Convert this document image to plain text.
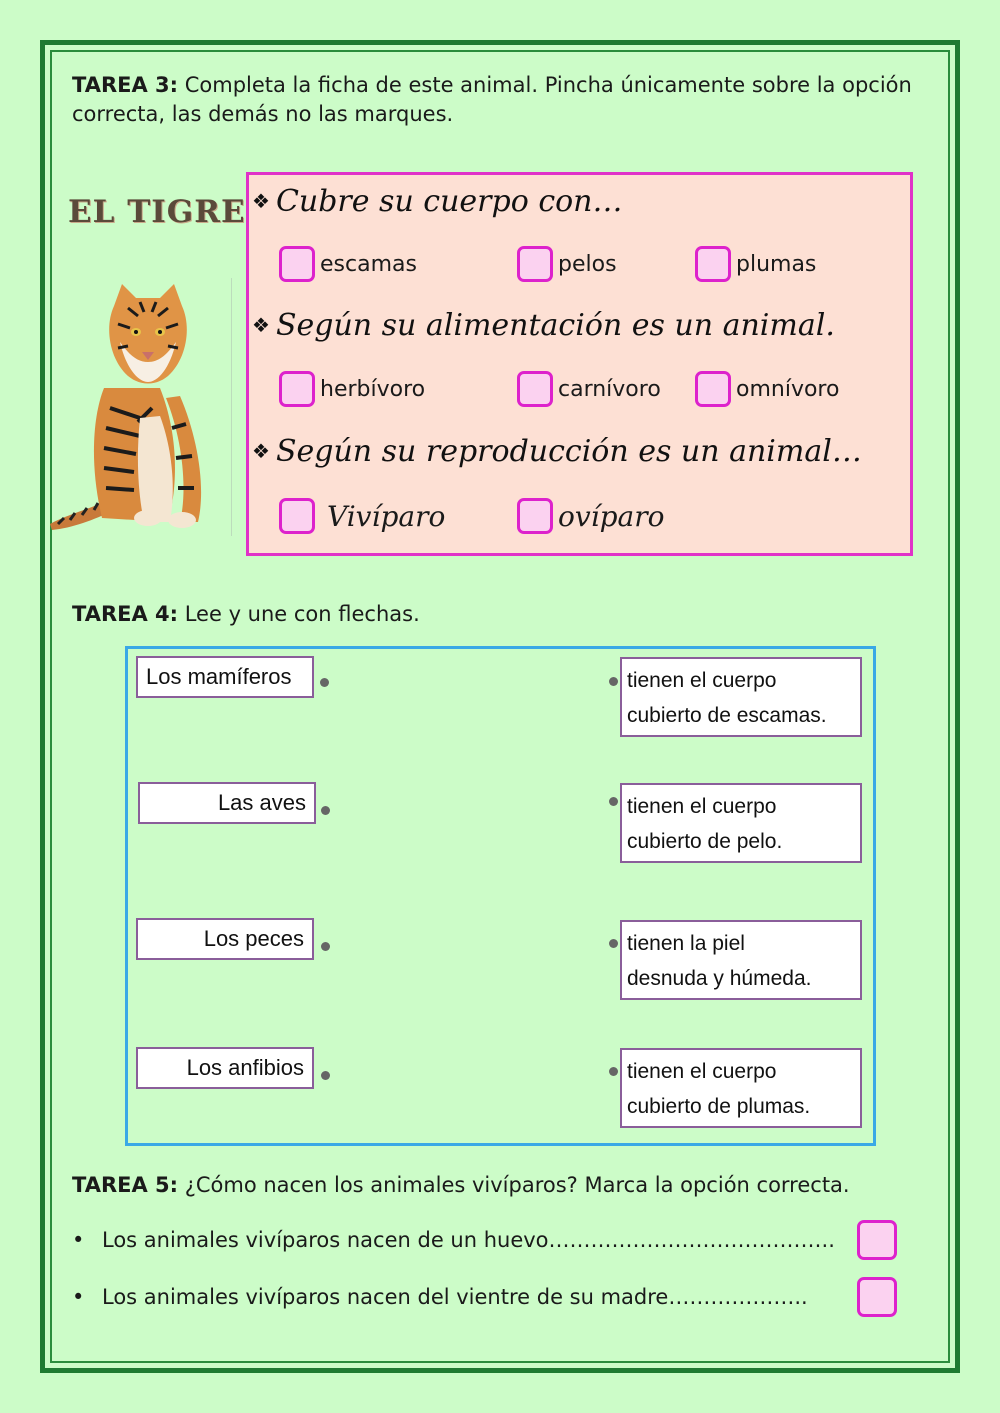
TAREA 3: Completa la ficha de este animal. Pincha únicamente sobre la opción correcta, las demás no las marques.
EL TIGRE ❖ Cubre su cuerpo con…
escamas	pelos	plumas
❖ Según su alimentación es un animal.
herbívoro	carnívoro	omnívoro
❖ Según su reproducción es un animal…
Vivíparo	ovíparo
TAREA 4: Lee y une con flechas.
Los mamíferos
Las aves
Los peces
Los anfibios
tienen el cuerpo
cubierto de escamas.
tienen el cuerpo
cubierto de pelo.
tienen la piel
desnuda y húmeda.
tienen el cuerpo
cubierto de plumas.
TAREA 5: ¿Cómo nacen los animales vivíparos? Marca la opción correcta.
• Los animales vivíparos nacen de un huevo…………………………………..
• Los animales vivíparos nacen del vientre de su madre………………..
